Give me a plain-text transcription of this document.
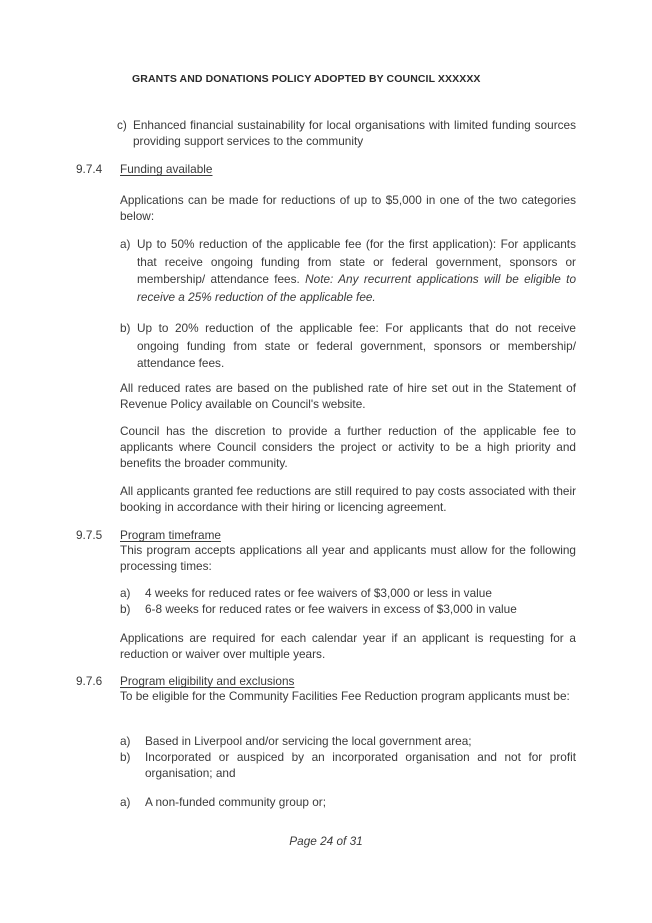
GRANTS AND DONATIONS POLICY ADOPTED BY COUNCIL XXXXXX
c) Enhanced financial sustainability for local organisations with limited funding sources providing support services to the community
9.7.4 Funding available
Applications can be made for reductions of up to $5,000 in one of the two categories below:
a) Up to 50% reduction of the applicable fee (for the first application): For applicants that receive ongoing funding from state or federal government, sponsors or membership/ attendance fees. Note: Any recurrent applications will be eligible to receive a 25% reduction of the applicable fee.
b) Up to 20% reduction of the applicable fee: For applicants that do not receive ongoing funding from state or federal government, sponsors or membership/ attendance fees.
All reduced rates are based on the published rate of hire set out in the Statement of Revenue Policy available on Council's website.
Council has the discretion to provide a further reduction of the applicable fee to applicants where Council considers the project or activity to be a high priority and benefits the broader community.
All applicants granted fee reductions are still required to pay costs associated with their booking in accordance with their hiring or licencing agreement.
9.7.5 Program timeframe
This program accepts applications all year and applicants must allow for the following processing times:
a) 4 weeks for reduced rates or fee waivers of $3,000 or less in value
b) 6-8 weeks for reduced rates or fee waivers in excess of $3,000 in value
Applications are required for each calendar year if an applicant is requesting for a reduction or waiver over multiple years.
9.7.6 Program eligibility and exclusions
To be eligible for the Community Facilities Fee Reduction program applicants must be:
a) Based in Liverpool and/or servicing the local government area;
b) Incorporated or auspiced by an incorporated organisation and not for profit organisation; and
a) A non-funded community group or;
Page 24 of 31
